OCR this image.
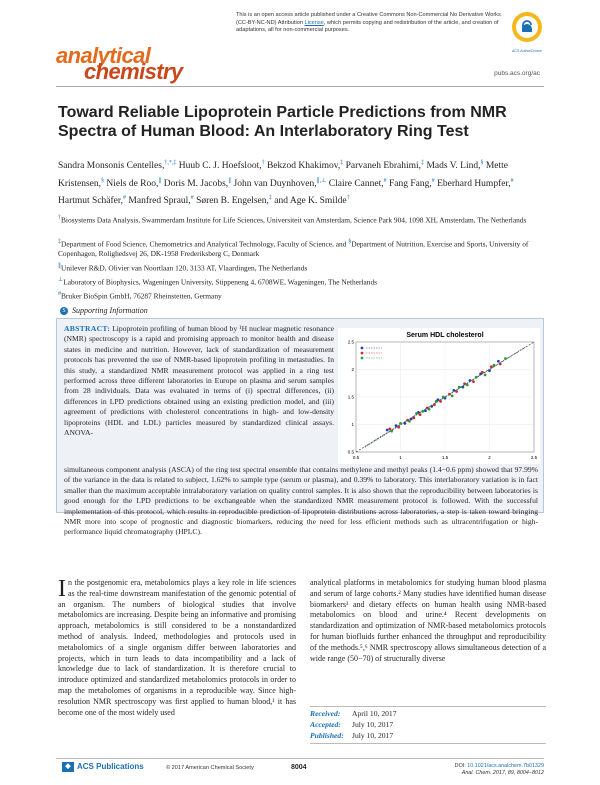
This is an open access article published under a Creative Commons Non-Commercial No Derivative Works (CC-BY-NC-ND) Attribution License, which permits copying and redistribution of the article, and creation of adaptations, all for non-commercial purposes.
ACS AuthorChoice
analytical
chemistry	pubs.acs.org/ac
Toward Reliable Lipoprotein Particle Predictions from NMR Spectra of Human Blood: An Interlaboratory Ring Test
Sandra Monsonis Centelles,†,*,‡ Huub C. J. Hoefsloot,† Bekzod Khakimov,‡ Parvaneh Ebrahimi,‡ Mads V. Lind,§ Mette Kristensen,§ Niels de Roo,∥ Doris M. Jacobs,∥ John van Duynhoven,∥,⊥ Claire Cannet,# Fang Fang,# Eberhard Humpfer,# Hartmut Schäfer,# Manfred Spraul,# Søren B. Engelsen,‡ and Age K. Smilde†
†Biosystems Data Analysis, Swammerdam Institute for Life Sciences, Universiteit van Amsterdam, Science Park 904, 1098 XH, Amsterdam, The Netherlands
‡Department of Food Science, Chemometrics and Analytical Technology, Faculty of Science, and §Department of Nutrition, Exercise and Sports, University of Copenhagen, Rolighedsvej 26, DK-1958 Frederiksberg C, Denmark
∥Unilever R&D, Olivier van Noortlaan 120, 3133 AT, Vlaardingen, The Netherlands
⊥Laboratory of Biophysics, Wageningen University, Stippeneng 4, 6708WE, Wageningen, The Netherlands
#Bruker BioSpin GmbH, 76287 Rheinstetten, Germany
S Supporting Information
ABSTRACT: Lipoprotein profiling of human blood by ¹H nuclear magnetic resonance (NMR) spectroscopy is a rapid and promising approach to monitor health and disease states in medicine and nutrition. However, lack of standardization of measurement protocols has prevented the use of NMR-based lipoprotein profiling in metastudies. In this study, a standardized NMR measurement protocol was applied in a ring test performed across three different laboratories in Europe on plasma and serum samples from 28 individuals. Data was evaluated in terms of (i) spectral differences, (ii) differences in LPD predictions obtained using an existing prediction model, and (iii) agreement of predictions with cholesterol concentrations in high- and low-density lipoproteins (HDL and LDL) particles measured by standardized clinical assays. ANOVA-
simultaneous component analysis (ASCA) of the ring test spectral ensemble that contains methylene and methyl peaks (1.4−0.6 ppm) showed that 97.99% of the variance in the data is related to subject, 1.62% to sample type (serum or plasma), and 0.39% to laboratory. This interlaboratory variation is in fact smaller than the maximum acceptable intralaboratory variation on quality control samples. It is also shown that the reproducibility between laboratories is good enough for the LPD predictions to be exchangeable when the standardized NMR measurement protocol is followed. With the successful implementation of this protocol, which results in reproducible prediction of lipoprotein distributions across laboratories, a step is taken toward bringing NMR more into scope of prognostic and diagnostic biomarkers, reducing the need for less efficient methods such as ultracentrifugation or high-performance liquid chromatography (HPLC).
Serum HDL cholesterol
0.5	1	1.5	2	2.5
0.5
1
1.5
2
2.5
In the postgenomic era, metabolomics plays a key role in life sciences as the real-time downstream manifestation of the genomic potential of an organism. The numbers of biological studies that involve metabolomics are increasing. Despite being an informative and promising approach, metabolomics is still considered to be a nonstandardized method of analysis. Indeed, methodologies and protocols used in metabolomics of a single organism differ between laboratories and projects, which in turn leads to data incompatibility and a lack of knowledge due to lack of standardization. It is therefore crucial to introduce optimized and standardized metabolomics protocols in order to map the metabolomes of organisms in a reproducible way. Since high-resolution NMR spectroscopy was first applied to human blood,¹ it has become one of the most widely used
analytical platforms in metabolomics for studying human blood plasma and serum of large cohorts.² Many studies have identified human disease biomarkers³ and dietary effects on human health using NMR-based metabolomics on blood and urine.⁴ Recent developments on standardization and optimization of NMR-based metabolomics protocols for human biofluids further enhanced the throughput and reproducibility of the methods.⁵,⁶ NMR spectroscopy allows simultaneous detection of a wide range (50−70) of structurally diverse
Received: April 10, 2017
Accepted: July 10, 2017
Published: July 10, 2017
◆ ACS Publications	© 2017 American Chemical Society	8004	DOI: 10.1021/acs.analchem.7b01329
Anal. Chem. 2017, 89, 8004−8012
